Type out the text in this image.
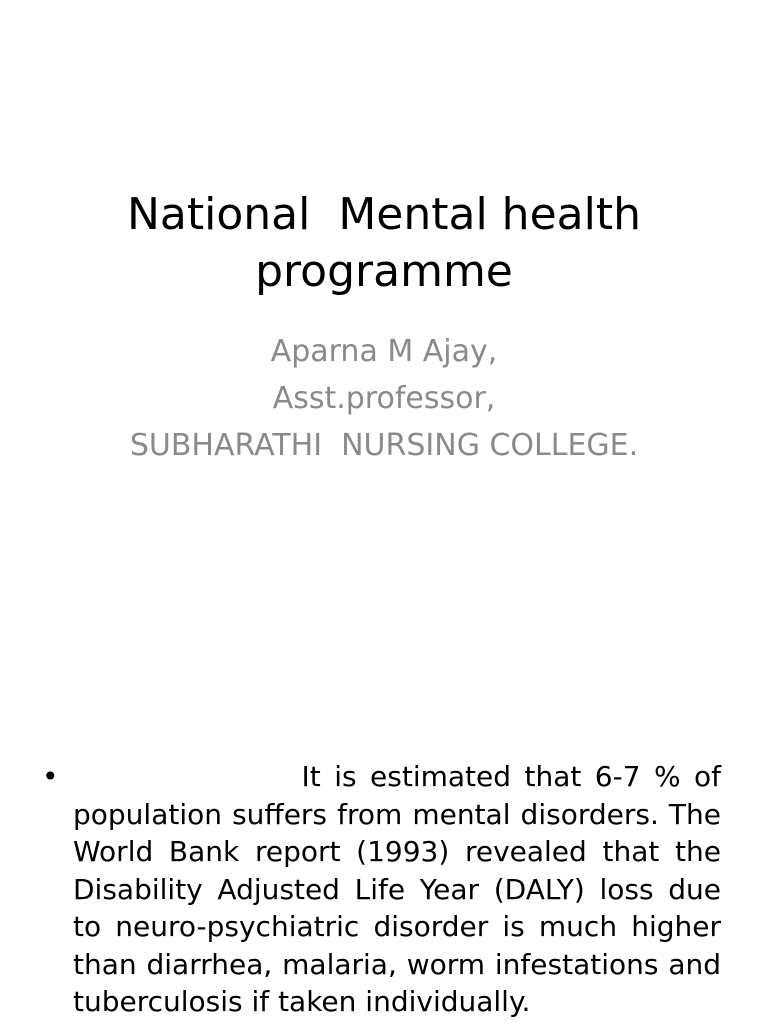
National  Mental health programme
Aparna M Ajay,
Asst.professor,
SUBHARATHI  NURSING COLLEGE.
• It is estimated that 6-7 % of population suffers from mental disorders. The World Bank report (1993) revealed that the Disability Adjusted Life Year (DALY) loss due to neuro-psychiatric disorder is much higher than diarrhea, malaria, worm infestations and tuberculosis if taken individually.
